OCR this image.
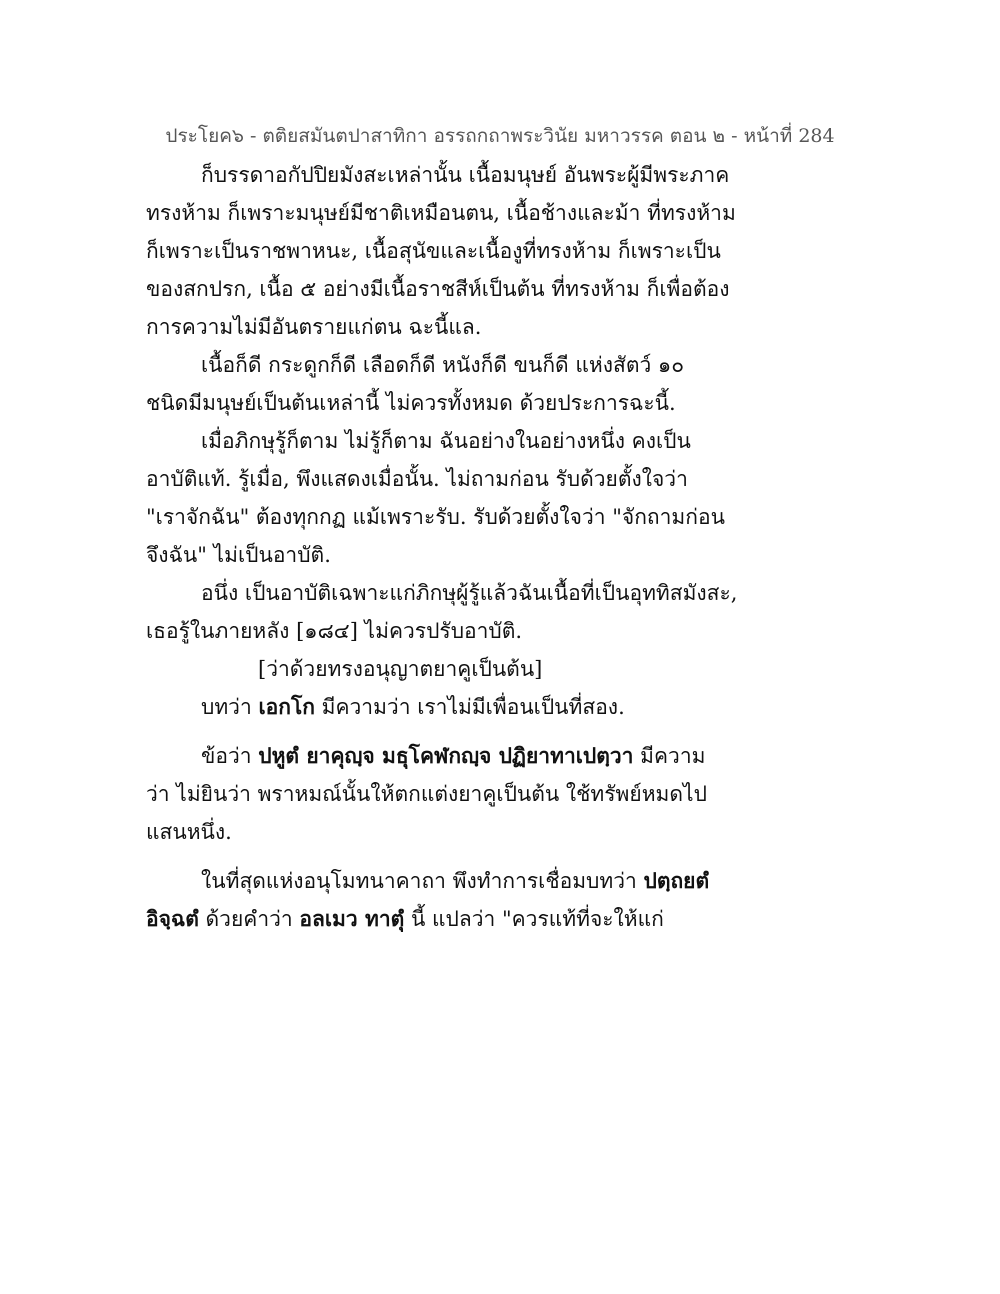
ประโยค๖ - ตติยสมันตปาสาทิกา อรรถกถาพระวินัย มหาวรรค ตอน ๒ - หน้าที่ 284
ก็บรรดาอกัปปิยมังสะเหล่านั้น เนื้อมนุษย์ อันพระผู้มีพระภาค
ทรงห้าม ก็เพราะมนุษย์มีชาติเหมือนตน, เนื้อช้างและม้า ที่ทรงห้าม
ก็เพราะเป็นราชพาหนะ, เนื้อสุนัขและเนื้องูที่ทรงห้าม ก็เพราะเป็น
ของสกปรก, เนื้อ ๕ อย่างมีเนื้อราชสีห์เป็นต้น ที่ทรงห้าม ก็เพื่อต้อง
การความไม่มีอันตรายแก่ตน ฉะนี้แล.
เนื้อก็ดี กระดูกก็ดี เลือดก็ดี หนังก็ดี ขนก็ดี แห่งสัตว์ ๑๐
ชนิดมีมนุษย์เป็นต้นเหล่านี้ ไม่ควรทั้งหมด ด้วยประการฉะนี้.
เมื่อภิกษุรู้ก็ตาม ไม่รู้ก็ตาม ฉันอย่างในอย่างหนึ่ง คงเป็น
อาบัติแท้. รู้เมื่อ, พึงแสดงเมื่อนั้น. ไม่ถามก่อน รับด้วยตั้งใจว่า
"เราจักฉัน" ต้องทุกกฏ แม้เพราะรับ. รับด้วยตั้งใจว่า "จักถามก่อน
จึงฉัน" ไม่เป็นอาบัติ.
อนึ่ง เป็นอาบัติเฉพาะแก่ภิกษุผู้รู้แล้วฉันเนื้อที่เป็นอุททิสมังสะ,
เธอรู้ในภายหลัง [๑๘๔] ไม่ควรปรับอาบัติ.
[ว่าด้วยทรงอนุญาตยาคูเป็นต้น]
บทว่า เอกโก มีความว่า เราไม่มีเพื่อนเป็นที่สอง.
ข้อว่า ปหูตํ ยาคุญฺจ มธุโคฬกญฺจ ปฏิยาทาเปตฺวา มีความ
ว่า ไม่ยินว่า พราหมณ์นั้นให้ตกแต่งยาคูเป็นต้น ใช้ทรัพย์หมดไป
แสนหนึ่ง.
ในที่สุดแห่งอนุโมทนาคาถา พึงทำการเชื่อมบทว่า ปตฺถยตํ
อิจฺฉตํ ด้วยคำว่า อลเมว ทาตุํ นี้ แปลว่า "ควรแท้ที่จะให้แก่
